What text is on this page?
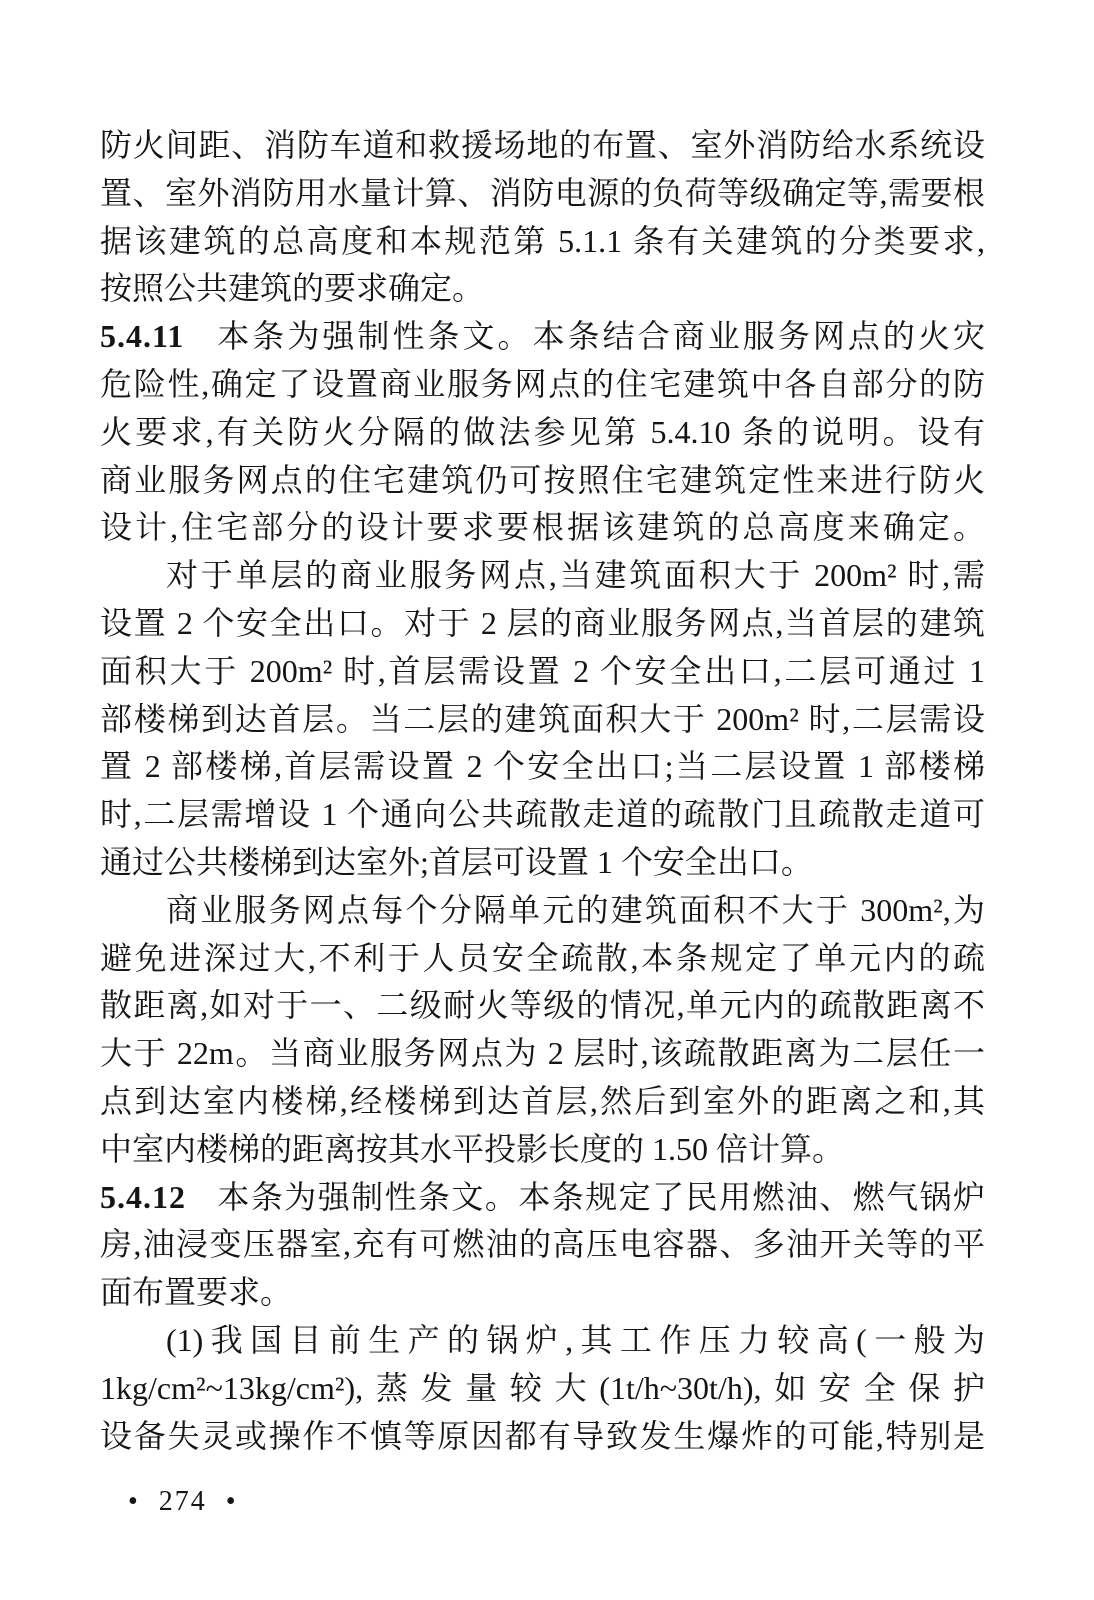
防火间距、消防车道和救援场地的布置、室外消防给水系统设
置、室外消防用水量计算、消防电源的负荷等级确定等,需要根
据该建筑的总高度和本规范第 5.1.1 条有关建筑的分类要求,
按照公共建筑的要求确定。
5.4.11 本条为强制性条文。本条结合商业服务网点的火灾
危险性,确定了设置商业服务网点的住宅建筑中各自部分的防
火要求,有关防火分隔的做法参见第 5.4.10 条的说明。设有
商业服务网点的住宅建筑仍可按照住宅建筑定性来进行防火
设计,住宅部分的设计要求要根据该建筑的总高度来确定。
对于单层的商业服务网点,当建筑面积大于 200m² 时,需
设置 2 个安全出口。对于 2 层的商业服务网点,当首层的建筑
面积大于 200m² 时,首层需设置 2 个安全出口,二层可通过 1
部楼梯到达首层。当二层的建筑面积大于 200m² 时,二层需设
置 2 部楼梯,首层需设置 2 个安全出口;当二层设置 1 部楼梯
时,二层需增设 1 个通向公共疏散走道的疏散门且疏散走道可
通过公共楼梯到达室外;首层可设置 1 个安全出口。
商业服务网点每个分隔单元的建筑面积不大于 300m²,为
避免进深过大,不利于人员安全疏散,本条规定了单元内的疏
散距离,如对于一、二级耐火等级的情况,单元内的疏散距离不
大于 22m。当商业服务网点为 2 层时,该疏散距离为二层任一
点到达室内楼梯,经楼梯到达首层,然后到室外的距离之和,其
中室内楼梯的距离按其水平投影长度的 1.50 倍计算。
5.4.12 本条为强制性条文。本条规定了民用燃油、燃气锅炉
房,油浸变压器室,充有可燃油的高压电容器、多油开关等的平
面布置要求。
(1)我国目前生产的锅炉,其工作压力较高(一般为
1kg/cm²~13kg/cm²),蒸发量较大(1t/h~30t/h),如安全保护
设备失灵或操作不慎等原因都有导致发生爆炸的可能,特别是
• 274 •
